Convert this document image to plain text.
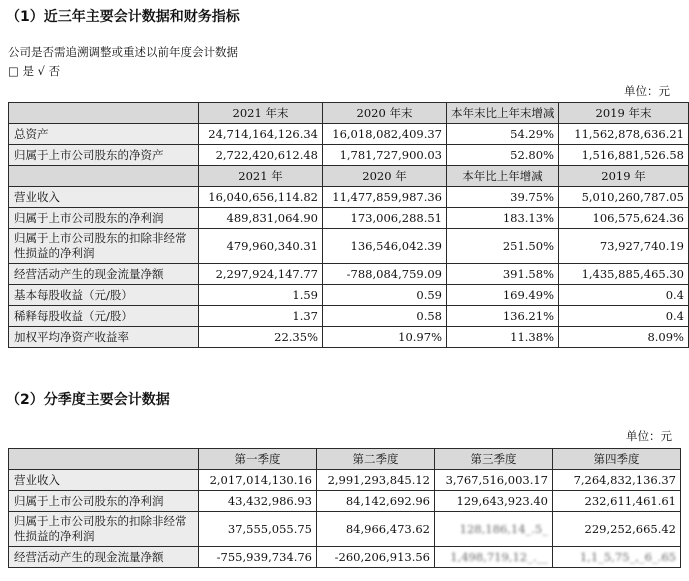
（1）近三年主要会计数据和财务指标
公司是否需追溯调整或重述以前年度会计数据
□ 是 √ 否
单位：元
	2021 年末	2020 年末	本年末比上年末增减	2019 年末
总资产	24,714,164,126.34	16,018,082,409.37	54.29%	11,562,878,636.21
归属于上市公司股东的净资产	2,722,420,612.48	1,781,727,900.03	52.80%	1,516,881,526.58
	2021 年	2020 年	本年比上年增减	2019 年
营业收入	16,040,656,114.82	11,477,859,987.36	39.75%	5,010,260,787.05
归属于上市公司股东的净利润	489,831,064.90	173,006,288.51	183.13%	106,575,624.36
归属于上市公司股东的扣除非经常性损益的净利润	479,960,340.31	136,546,042.39	251.50%	73,927,740.19
经营活动产生的现金流量净额	2,297,924,147.77	-788,084,759.09	391.58%	1,435,885,465.30
基本每股收益（元/股）	1.59	0.59	169.49%	0.4
稀释每股收益（元/股）	1.37	0.58	136.21%	0.4
加权平均净资产收益率	22.35%	10.97%	11.38%	8.09%
（2）分季度主要会计数据
单位：元
	第一季度	第二季度	第三季度	第四季度
营业收入	2,017,014,130.16	2,991,293,845.12	3,767,516,003.17	7,264,832,136.37
归属于上市公司股东的净利润	43,432,986.93	84,142,692.96	129,643,923.40	232,611,461.61
归属于上市公司股东的扣除非经常性损益的净利润	37,555,055.75	84,966,473.62	128,186,14_.5_	229,252,665.42
经营活动产生的现金流量净额	-755,939,734.76	-260,206,913.56	1,498,719,12_.__	1,1_5,75_,_6_.65
